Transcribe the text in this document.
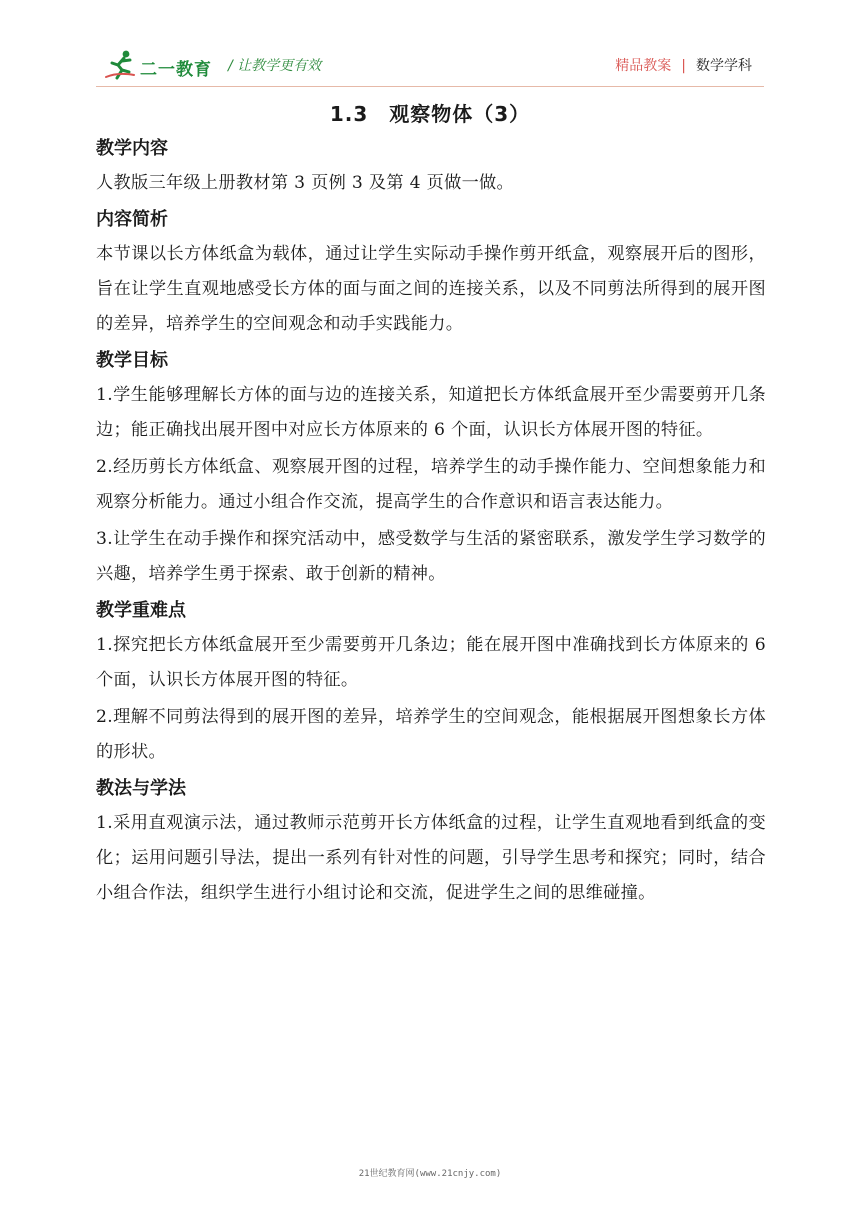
二一教育 / 让教学更有效	精品教案 | 数学学科
1.3　观察物体（3）
教学内容

人教版三年级上册教材第 3 页例 3 及第 4 页做一做。

内容简析

本节课以长方体纸盒为载体，通过让学生实际动手操作剪开纸盒，观察展开后的图形，旨在让学生直观地感受长方体的面与面之间的连接关系，以及不同剪法所得到的展开图的差异，培养学生的空间观念和动手实践能力。

教学目标

1.学生能够理解长方体的面与边的连接关系，知道把长方体纸盒展开至少需要剪开几条边；能正确找出展开图中对应长方体原来的 6 个面，认识长方体展开图的特征。

2.经历剪长方体纸盒、观察展开图的过程，培养学生的动手操作能力、空间想象能力和观察分析能力。通过小组合作交流，提高学生的合作意识和语言表达能力。

3.让学生在动手操作和探究活动中，感受数学与生活的紧密联系，激发学生学习数学的兴趣，培养学生勇于探索、敢于创新的精神。

教学重难点

1.探究把长方体纸盒展开至少需要剪开几条边；能在展开图中准确找到长方体原来的 6 个面，认识长方体展开图的特征。

2.理解不同剪法得到的展开图的差异，培养学生的空间观念，能根据展开图想象长方体的形状。

教法与学法

1.采用直观演示法，通过教师示范剪开长方体纸盒的过程，让学生直观地看到纸盒的变化；运用问题引导法，提出一系列有针对性的问题，引导学生思考和探究；同时，结合小组合作法，组织学生进行小组讨论和交流，促进学生之间的思维碰撞。

21世纪教育网(www.21cnjy.com)
